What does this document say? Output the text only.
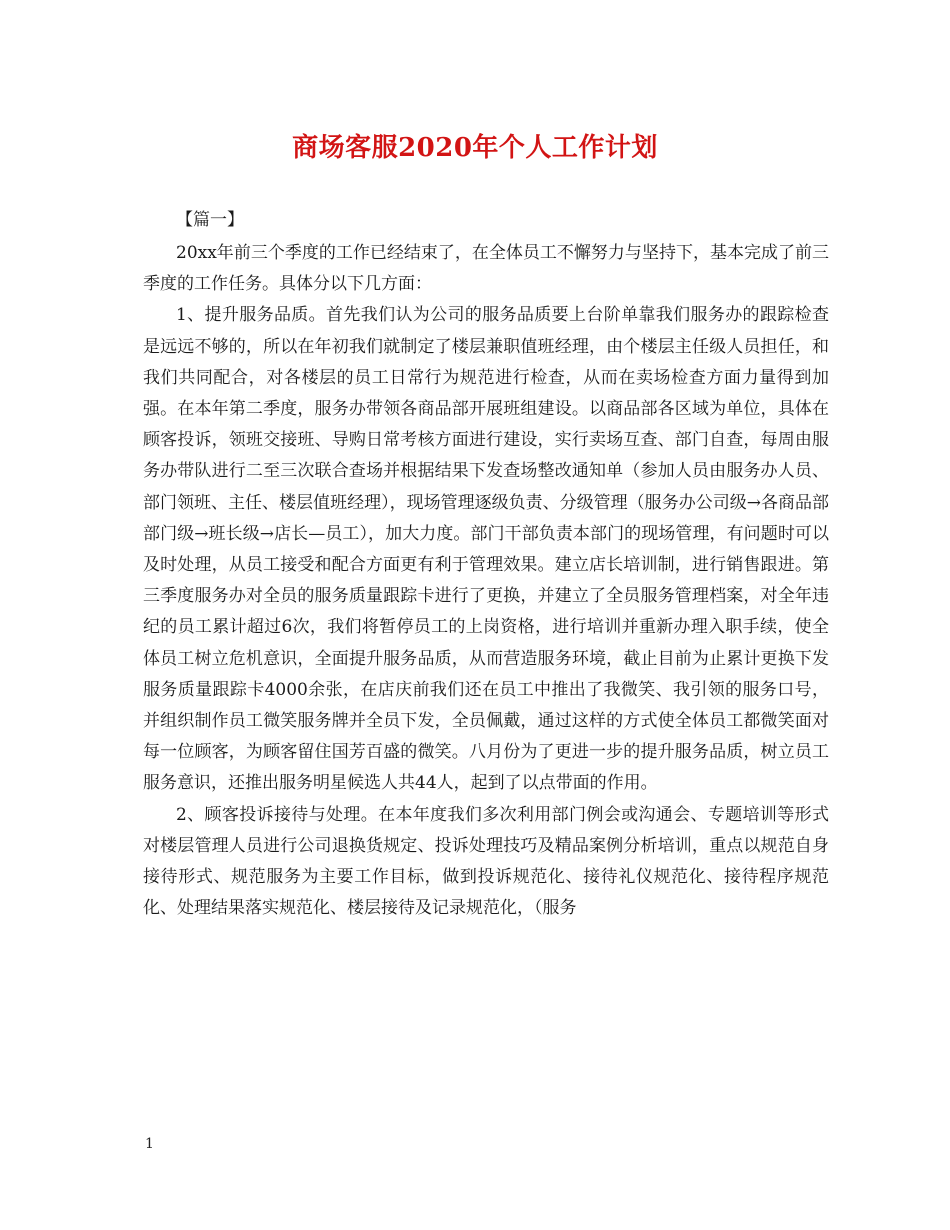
商场客服2020年个人工作计划
【篇一】

20xx年前三个季度的工作已经结束了，在全体员工不懈努力与坚持下，基本完成了前三季度的工作任务。具体分以下几方面：

1、提升服务品质。首先我们认为公司的服务品质要上台阶单靠我们服务办的跟踪检查是远远不够的，所以在年初我们就制定了楼层兼职值班经理，由个楼层主任级人员担任，和我们共同配合，对各楼层的员工日常行为规范进行检查，从而在卖场检查方面力量得到加强。在本年第二季度，服务办带领各商品部开展班组建设。以商品部各区域为单位，具体在顾客投诉，领班交接班、导购日常考核方面进行建设，实行卖场互查、部门自查，每周由服务办带队进行二至三次联合查场并根据结果下发查场整改通知单（参加人员由服务办人员、部门领班、主任、楼层值班经理），现场管理逐级负责、分级管理（服务办公司级→各商品部部门级→班长级→店长—员工），加大力度。部门干部负责本部门的现场管理，有问题时可以及时处理，从员工接受和配合方面更有利于管理效果。建立店长培训制，进行销售跟进。第三季度服务办对全员的服务质量跟踪卡进行了更换，并建立了全员服务管理档案，对全年违纪的员工累计超过6次，我们将暂停员工的上岗资格，进行培训并重新办理入职手续，使全体员工树立危机意识，全面提升服务品质，从而营造服务环境，截止目前为止累计更换下发服务质量跟踪卡4000余张，在店庆前我们还在员工中推出了我微笑、我引领的服务口号，并组织制作员工微笑服务牌并全员下发，全员佩戴，通过这样的方式使全体员工都微笑面对每一位顾客，为顾客留住国芳百盛的微笑。八月份为了更进一步的提升服务品质，树立员工服务意识，还推出服务明星候选人共44人，起到了以点带面的作用。

2、顾客投诉接待与处理。在本年度我们多次利用部门例会或沟通会、专题培训等形式对楼层管理人员进行公司退换货规定、投诉处理技巧及精品案例分析培训，重点以规范自身接待形式、规范服务为主要工作目标，做到投诉规范化、接待礼仪规范化、接待程序规范化、处理结果落实规范化、楼层接待及记录规范化，（服务

1
